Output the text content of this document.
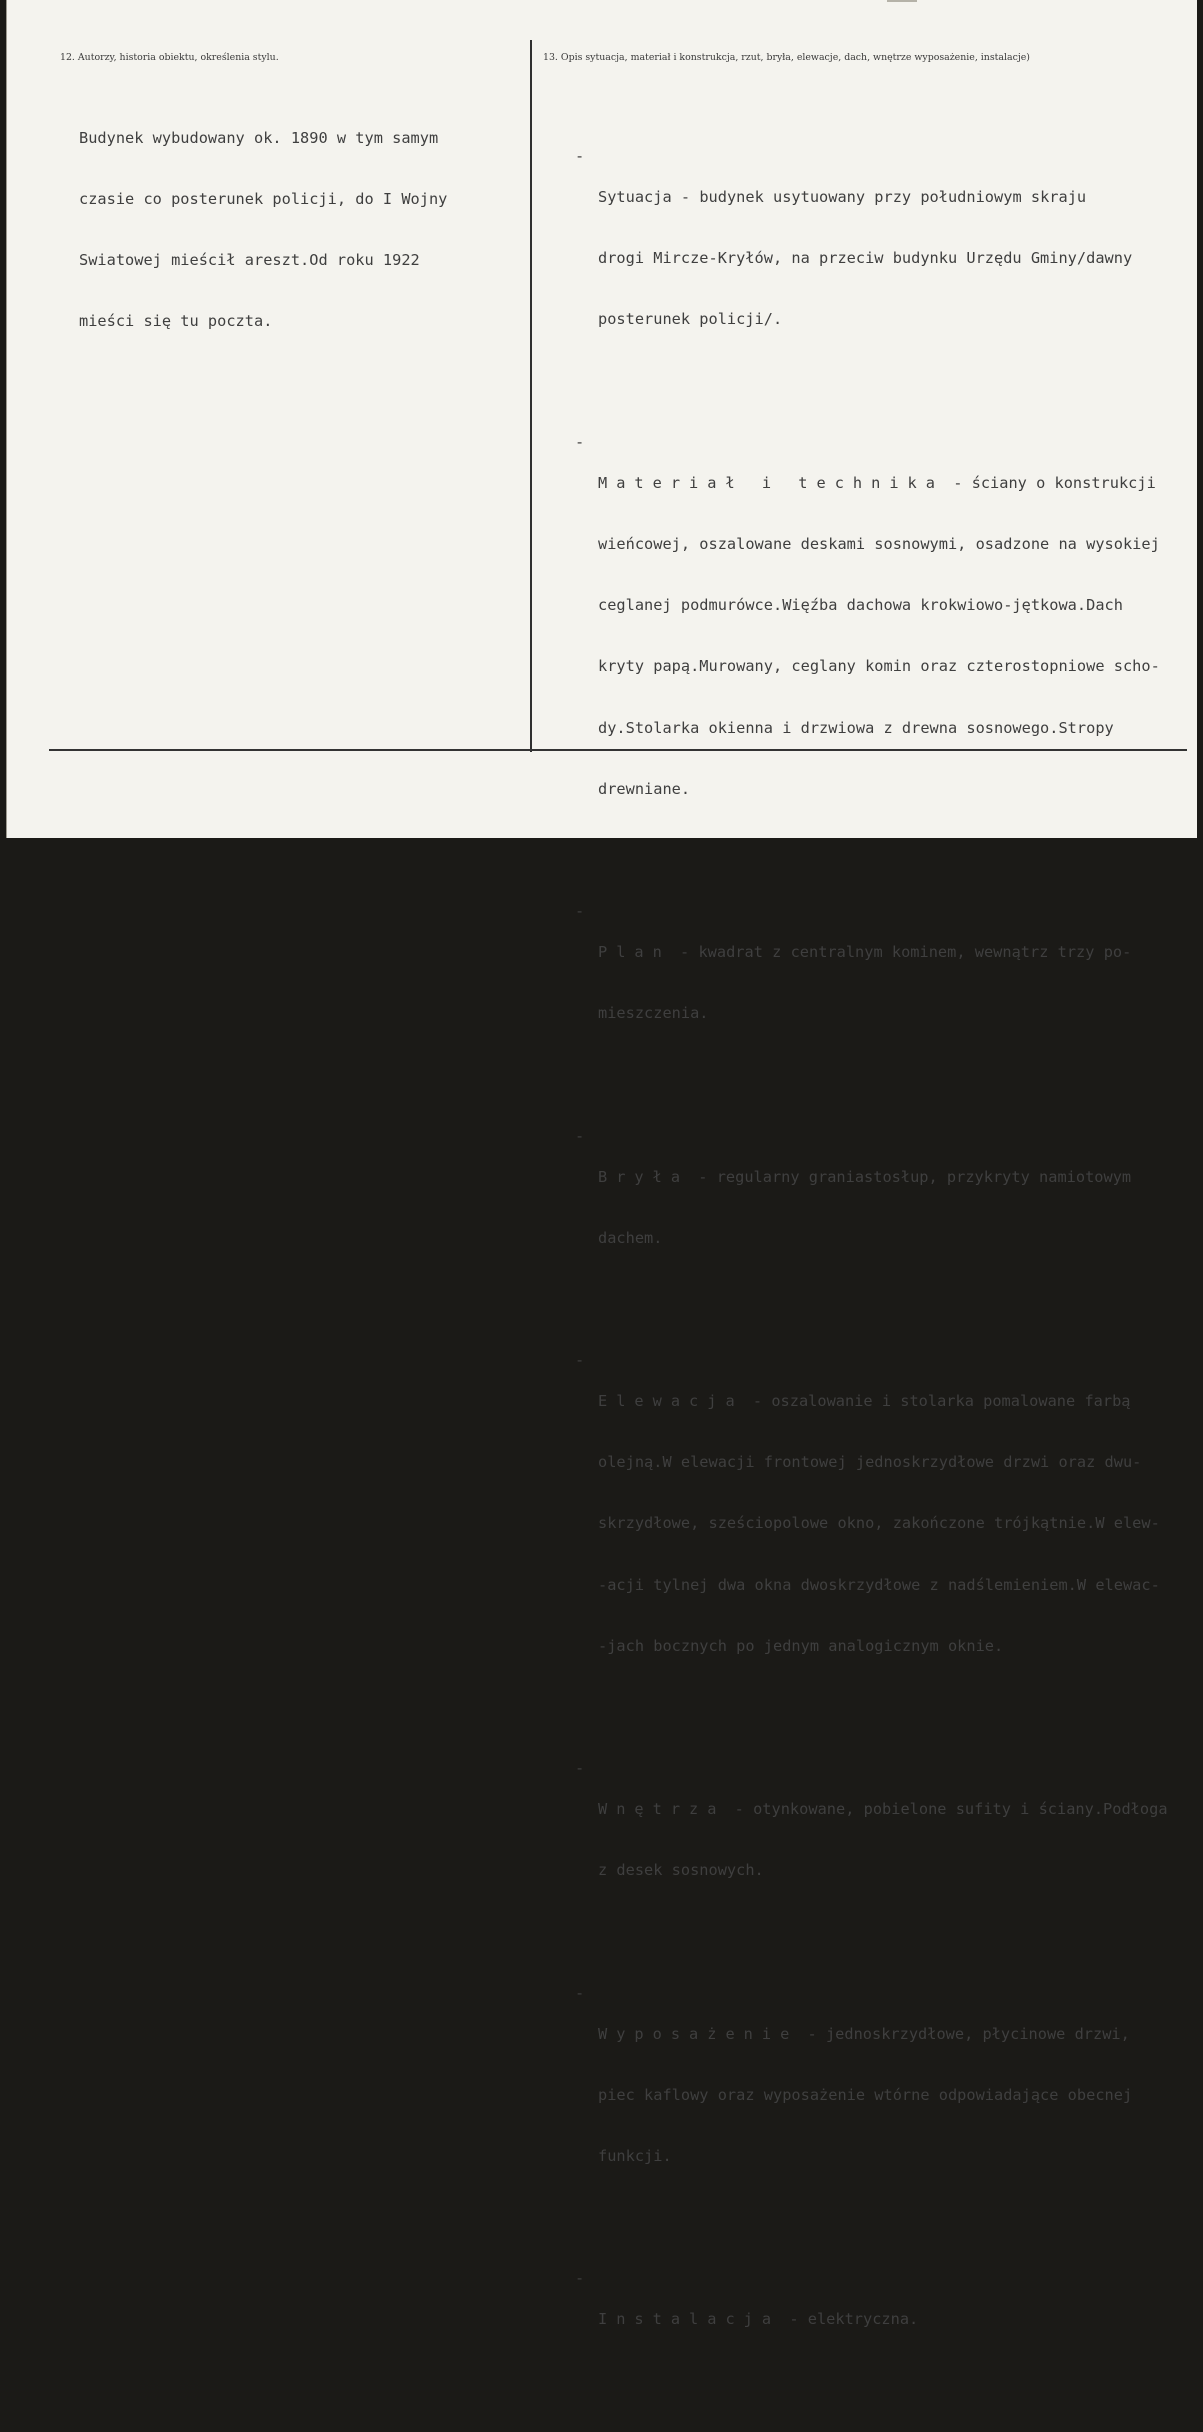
12. Autorzy, historia obiektu, określenia stylu.	13. Opis sytuacja, materiał i konstrukcja, rzut, bryła, elewacje, dach, wnętrze wyposażenie, instalacje)

Budynek wybudowany ok. 1890 w tym samym

czasie co posterunek policji, do I Wojny

Swiatowej mieścił areszt.Od roku 1922

mieści się tu poczta.

-

Sytuacja - budynek usytuowany przy południowym skraju

drogi Mircze-Kryłów, na przeciw budynku Urzędu Gminy/dawny

posterunek policji/.

-

Materiał i technika - ściany o konstrukcji

wieńcowej, oszalowane deskami sosnowymi, osadzone na wysokiej

ceglanej podmurówce.Więźba dachowa krokwiowo-jętkowa.Dach

kryty papą.Murowany, ceglany komin oraz czterostopniowe scho-

dy.Stolarka okienna i drzwiowa z drewna sosnowego.Stropy

drewniane.

-

Plan - kwadrat z centralnym kominem, wewnątrz trzy po-

mieszczenia.

-

Bryła - regularny graniastosłup, przykryty namiotowym

dachem.

-

Elewacja - oszalowanie i stolarka pomalowane farbą

olejną.W elewacji frontowej jednoskrzydłowe drzwi oraz dwu-

skrzydłowe, sześciopolowe okno, zakończone trójkątnie.W elew-

-acji tylnej dwa okna dwoskrzydłowe z nadślemieniem.W elewac-

-jach bocznych po jednym analogicznym oknie.

-

Wnętrza - otynkowane, pobielone sufity i ściany.Podłoga

z desek sosnowych.

-

Wyposażenie - jednoskrzydłowe, płycinowe drzwi,

piec kaflowy oraz wyposażenie wtórne odpowiadające obecnej

funkcji.

-

Instalacja - elektryczna.
